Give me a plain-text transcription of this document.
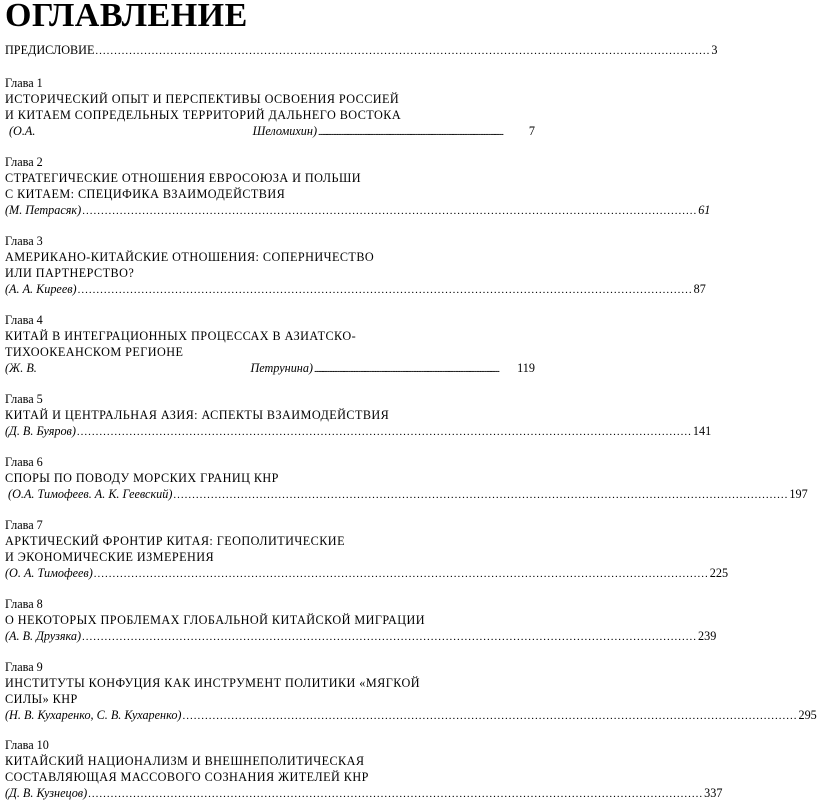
ОГЛАВЛЕНИЕ
ПРЕДИСЛОВИЕ .................................................................................................................................................................... 3
Глава 1
ИСТОРИЧЕСКИЙ ОПЫТ И ПЕРСПЕКТИВЫ ОСВОЕНИЯ РОССИЕЙ
И КИТАЕМ СОПРЕДЕЛЬНЫХ ТЕРРИТОРИЙ ДАЛЬНЕГО ВОСТОКА
(О.А.	Шеломихин) ................................................................................................................................................................................	7
Глава 2
СТРАТЕГИЧЕСКИЕ ОТНОШЕНИЯ ЕВРОСОЮЗА И ПОЛЬШИ
С КИТАЕМ: СПЕЦИФИКА ВЗАИМОДЕЙСТВИЯ
(М. Петрасяк) .................................................................................................................................................................... 61
Глава 3
АМЕРИКАНО-КИТАЙСКИЕ ОТНОШЕНИЯ: СОПЕРНИЧЕСТВО
ИЛИ ПАРТНЕРСТВО?
(А. А. Киреев) .................................................................................................................................................................... 87
Глава 4
КИТАЙ В ИНТЕГРАЦИОННЫХ ПРОЦЕССАХ В АЗИАТСКО-
ТИХООКЕАНСКОМ РЕГИОНЕ
(Ж. В.	Петрунина) ................................................................................................................................................................................	119
Глава 5
КИТАЙ И ЦЕНТРАЛЬНАЯ АЗИЯ: АСПЕКТЫ ВЗАИМОДЕЙСТВИЯ
(Д. В. Буяров) .................................................................................................................................................................... 141
Глава 6
СПОРЫ ПО ПОВОДУ МОРСКИХ ГРАНИЦ КНР
(О.А. Тимофеев. А. К. Геевский) .................................................................................................................................................................... 197
Глава 7
АРКТИЧЕСКИЙ ФРОНТИР КИТАЯ: ГЕОПОЛИТИЧЕСКИЕ
И ЭКОНОМИЧЕСКИЕ ИЗМЕРЕНИЯ
(О. А. Тимофеев) .................................................................................................................................................................... 225
Глава 8
О НЕКОТОРЫХ ПРОБЛЕМАХ ГЛОБАЛЬНОЙ КИТАЙСКОЙ МИГРАЦИИ
(А. В. Друзяка) .................................................................................................................................................................... 239
Глава 9
ИНСТИТУТЫ КОНФУЦИЯ КАК ИНСТРУМЕНТ ПОЛИТИКИ «МЯГКОЙ
СИЛЫ» КНР
(Н. В. Кухаренко, С. В. Кухаренко) .................................................................................................................................................................... 295
Глава 10
КИТАЙСКИЙ НАЦИОНАЛИЗМ И ВНЕШНЕПОЛИТИЧЕСКАЯ
СОСТАВЛЯЮЩАЯ МАССОВОГО СОЗНАНИЯ ЖИТЕЛЕЙ КНР
(Д. В. Кузнецов) .................................................................................................................................................................... 337
